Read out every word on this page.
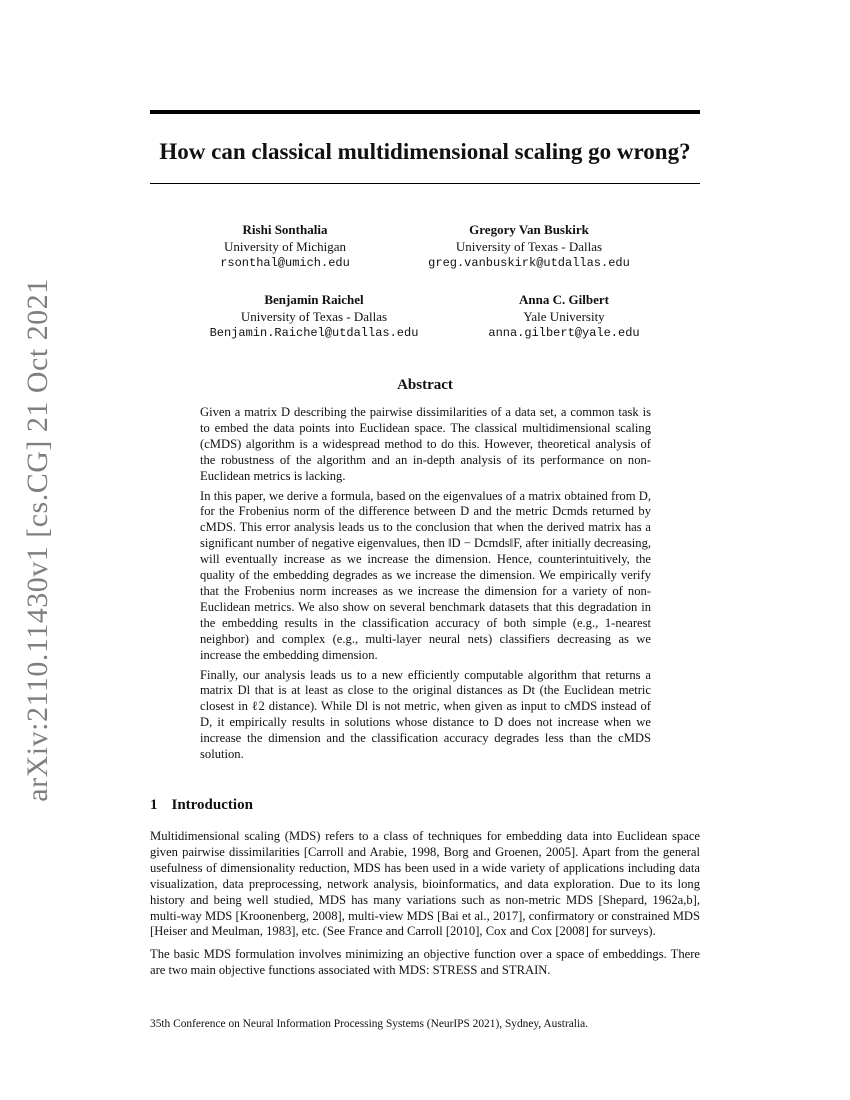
arXiv:2110.11430v1 [cs.CG] 21 Oct 2021
How can classical multidimensional scaling go wrong?
Rishi Sonthalia
University of Michigan
rsonthal@umich.edu
Gregory Van Buskirk
University of Texas - Dallas
greg.vanbuskirk@utdallas.edu
Benjamin Raichel
University of Texas - Dallas
Benjamin.Raichel@utdallas.edu
Anna C. Gilbert
Yale University
anna.gilbert@yale.edu
Abstract

Given a matrix D describing the pairwise dissimilarities of a data set, a common task is to embed the data points into Euclidean space. The classical multidimensional scaling (cMDS) algorithm is a widespread method to do this. However, theoretical analysis of the robustness of the algorithm and an in-depth analysis of its performance on non-Euclidean metrics is lacking.

In this paper, we derive a formula, based on the eigenvalues of a matrix obtained from D, for the Frobenius norm of the difference between D and the metric Dcmds returned by cMDS. This error analysis leads us to the conclusion that when the derived matrix has a significant number of negative eigenvalues, then ‖D − Dcmds‖F, after initially decreasing, will eventually increase as we increase the dimension. Hence, counterintuitively, the quality of the embedding degrades as we increase the dimension. We empirically verify that the Frobenius norm increases as we increase the dimension for a variety of non-Euclidean metrics. We also show on several benchmark datasets that this degradation in the embedding results in the classification accuracy of both simple (e.g., 1-nearest neighbor) and complex (e.g., multi-layer neural nets) classifiers decreasing as we increase the embedding dimension.

Finally, our analysis leads us to a new efficiently computable algorithm that returns a matrix Dl that is at least as close to the original distances as Dt (the Euclidean metric closest in ℓ2 distance). While Dl is not metric, when given as input to cMDS instead of D, it empirically results in solutions whose distance to D does not increase when we increase the dimension and the classification accuracy degrades less than the cMDS solution.

1 Introduction

Multidimensional scaling (MDS) refers to a class of techniques for embedding data into Euclidean space given pairwise dissimilarities [Carroll and Arabie, 1998, Borg and Groenen, 2005]. Apart from the general usefulness of dimensionality reduction, MDS has been used in a wide variety of applications including data visualization, data preprocessing, network analysis, bioinformatics, and data exploration. Due to its long history and being well studied, MDS has many variations such as non-metric MDS [Shepard, 1962a,b], multi-way MDS [Kroonenberg, 2008], multi-view MDS [Bai et al., 2017], confirmatory or constrained MDS [Heiser and Meulman, 1983], etc. (See France and Carroll [2010], Cox and Cox [2008] for surveys).

The basic MDS formulation involves minimizing an objective function over a space of embeddings. There are two main objective functions associated with MDS: STRESS and STRAIN.

35th Conference on Neural Information Processing Systems (NeurIPS 2021), Sydney, Australia.
